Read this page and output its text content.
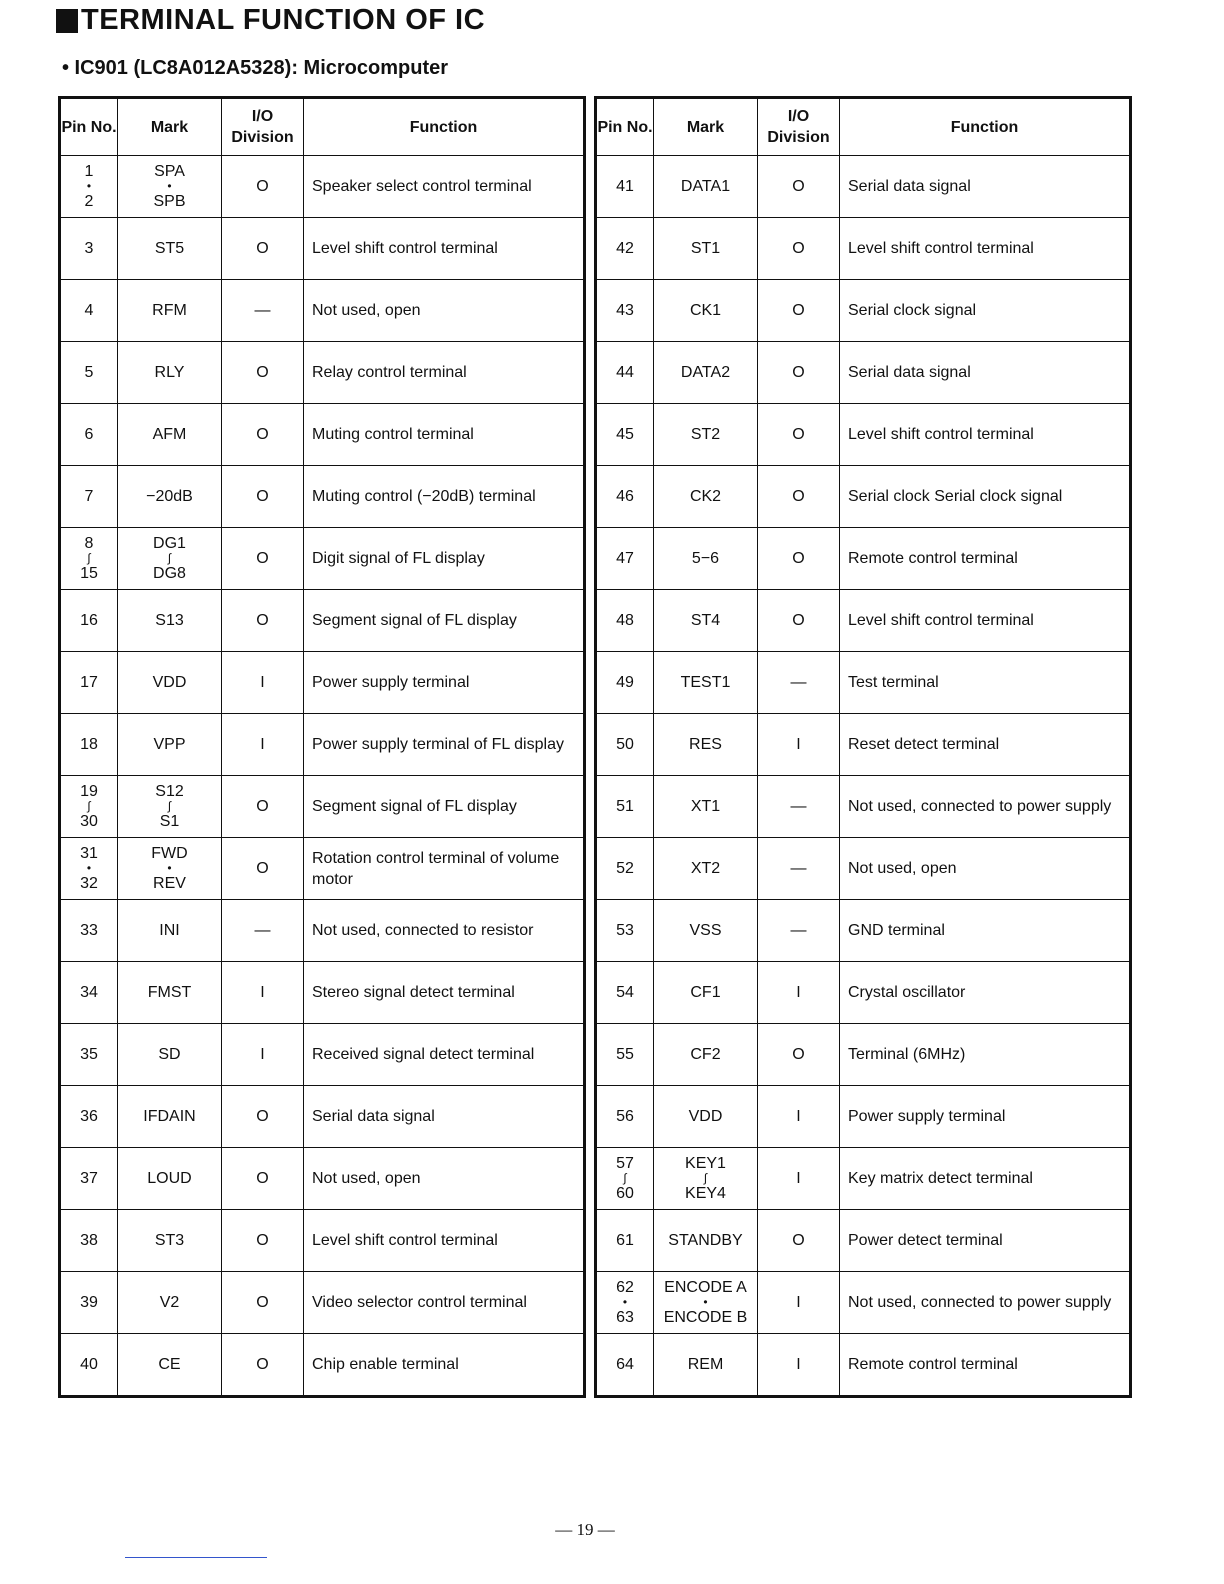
TERMINAL FUNCTION OF IC
• IC901 (LC8A012A5328): Microcomputer
Pin No.	Mark	I/O Division	Function

1
•
2	SPA
•
SPB	O	Speaker select control terminal
3	ST5	O	Level shift control terminal
4	RFM	—	Not used, open
5	RLY	O	Relay control terminal
6	AFM	O	Muting control terminal
7	−20dB	O	Muting control (−20dB) terminal

8
∫
15	DG1
∫
DG8	O	Digit signal of FL display
16	S13	O	Segment signal of FL display
17	VDD	I	Power supply terminal
18	VPP	I	Power supply terminal of FL display

19
∫
30	S12
∫
S1	O	Segment signal of FL display

31
•
32	FWD
•
REV	O	Rotation control terminal of volume motor
33	INI	—	Not used, connected to resistor
34	FMST	I	Stereo signal detect terminal
35	SD	I	Received signal detect terminal
36	IFDAIN	O	Serial data signal
37	LOUD	O	Not used, open
38	ST3	O	Level shift control terminal
39	V2	O	Video selector control terminal
40	CE	O	Chip enable terminal
Pin No.	Mark	I/O Division	Function
41	DATA1	O	Serial data signal
42	ST1	O	Level shift control terminal
43	CK1	O	Serial clock signal
44	DATA2	O	Serial data signal
45	ST2	O	Level shift control terminal
46	CK2	O	Serial clock Serial clock signal
47	5−6	O	Remote control terminal
48	ST4	O	Level shift control terminal
49	TEST1	—	Test terminal
50	RES	I	Reset detect terminal
51	XT1	—	Not used, connected to power supply
52	XT2	—	Not used, open
53	VSS	—	GND terminal
54	CF1	I	Crystal oscillator
55	CF2	O	Terminal (6MHz)
56	VDD	I	Power supply terminal

57
∫
60	KEY1
∫
KEY4	I	Key matrix detect terminal
61	STANDBY	O	Power detect terminal

62
•
63	ENCODE A
•
ENCODE B	I	Not used, connected to power supply
64	REM	I	Remote control terminal
— 19 —
